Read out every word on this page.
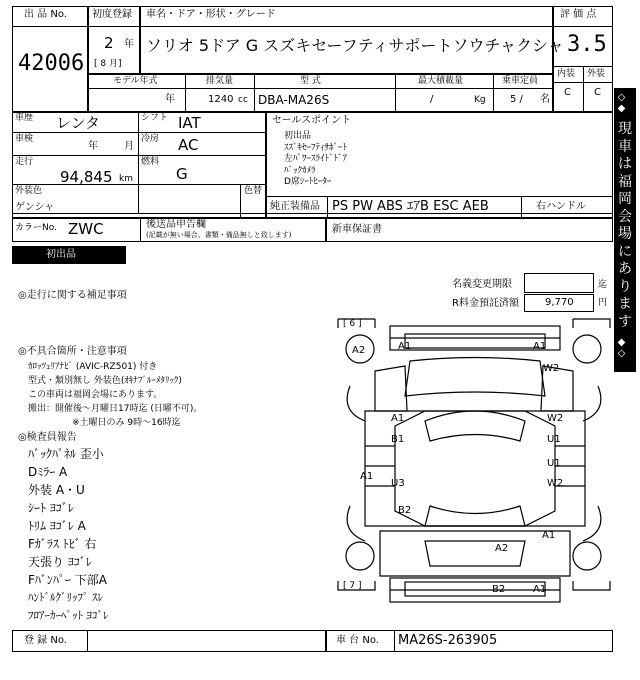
出 品 No.
42006
初度登録
2 年
[ 8 月]
車名・ドア・形状・グレード
ソリオ 5ドア G スズキセーフティサポートソウチャクシャ
評 価 点
3.5
内装 外装
C C
モデル年式
年
排気量
1240 cc
型 式
DBA-MA26S
最大積載量
/	Kg
乗車定員
5 / 名
車歴 レンタ	シフト IAT
車検
年	月
冷房 AC
走行
94,845 km
燃料
G
セールスポイント
初出品
ｽｽﾞｷｾｰﾌﾃｨｻﾎﾟｰﾄ
左ﾊﾟﾜｰｽﾗｲﾄﾞﾄﾞｱ
ﾊﾞｯｸｶﾒﾗ
D席ｼｰﾄﾋｰﾀｰ
外装色
ゲンシャ
色替
純正装備品 PS PW ABS ｴｱB ESC AEB	右ハンドル
カラーNo. ZWC	後送品申告欄
(記載が無い場合、書類・備品無しと致します)	新車保証書
初出品
名義変更期限	迄
R料金預託済額	9,770	円
◎走行に関する補足事項
◎不具合箇所・注意事項
ｶﾛｯﾂｪﾘｱﾅﾋﾞ (AVIC-RZ501) 付き
型式・類別無し 外装色(ｵｷﾅﾌﾞﾙｰﾒﾀﾘｯｸ)
この車両は福岡会場にあります。
搬出：開催後～月曜日17時迄 (日曜不可)。
※土曜日のみ 9時～16時迄
◎検査員報告
ﾊﾞｯｸﾊﾟﾈﾙ 歪小
Dﾐﾗｰ A
外装 A・U
ｼｰﾄ ﾖｺﾞﾚ
ﾄﾘﾑ ﾖｺﾞﾚ A
Fｶﾞﾗｽ ﾄﾋﾞ 右
天張り ﾖｺﾞﾚ
Fﾊﾞﾝﾊﾟｰ 下部A
ﾊﾝﾄﾞﾙｸﾞﾘｯﾌﾟ ｽﾚ
ﾌﾛｱｰｶｰﾍﾟｯﾄ ﾖｺﾞﾚ
◇◆
現
車
は
福
岡
会
場
に
あ
り
ま
す
◆◇
[ 6 ]
[ 7 ]
A2	A1	A1
W2
A1
B1
W2
U1
U1
W2
A1
U3
B2
A1
A2
B2	A1
登 録 No.	車 台 No. MA26S-263905
